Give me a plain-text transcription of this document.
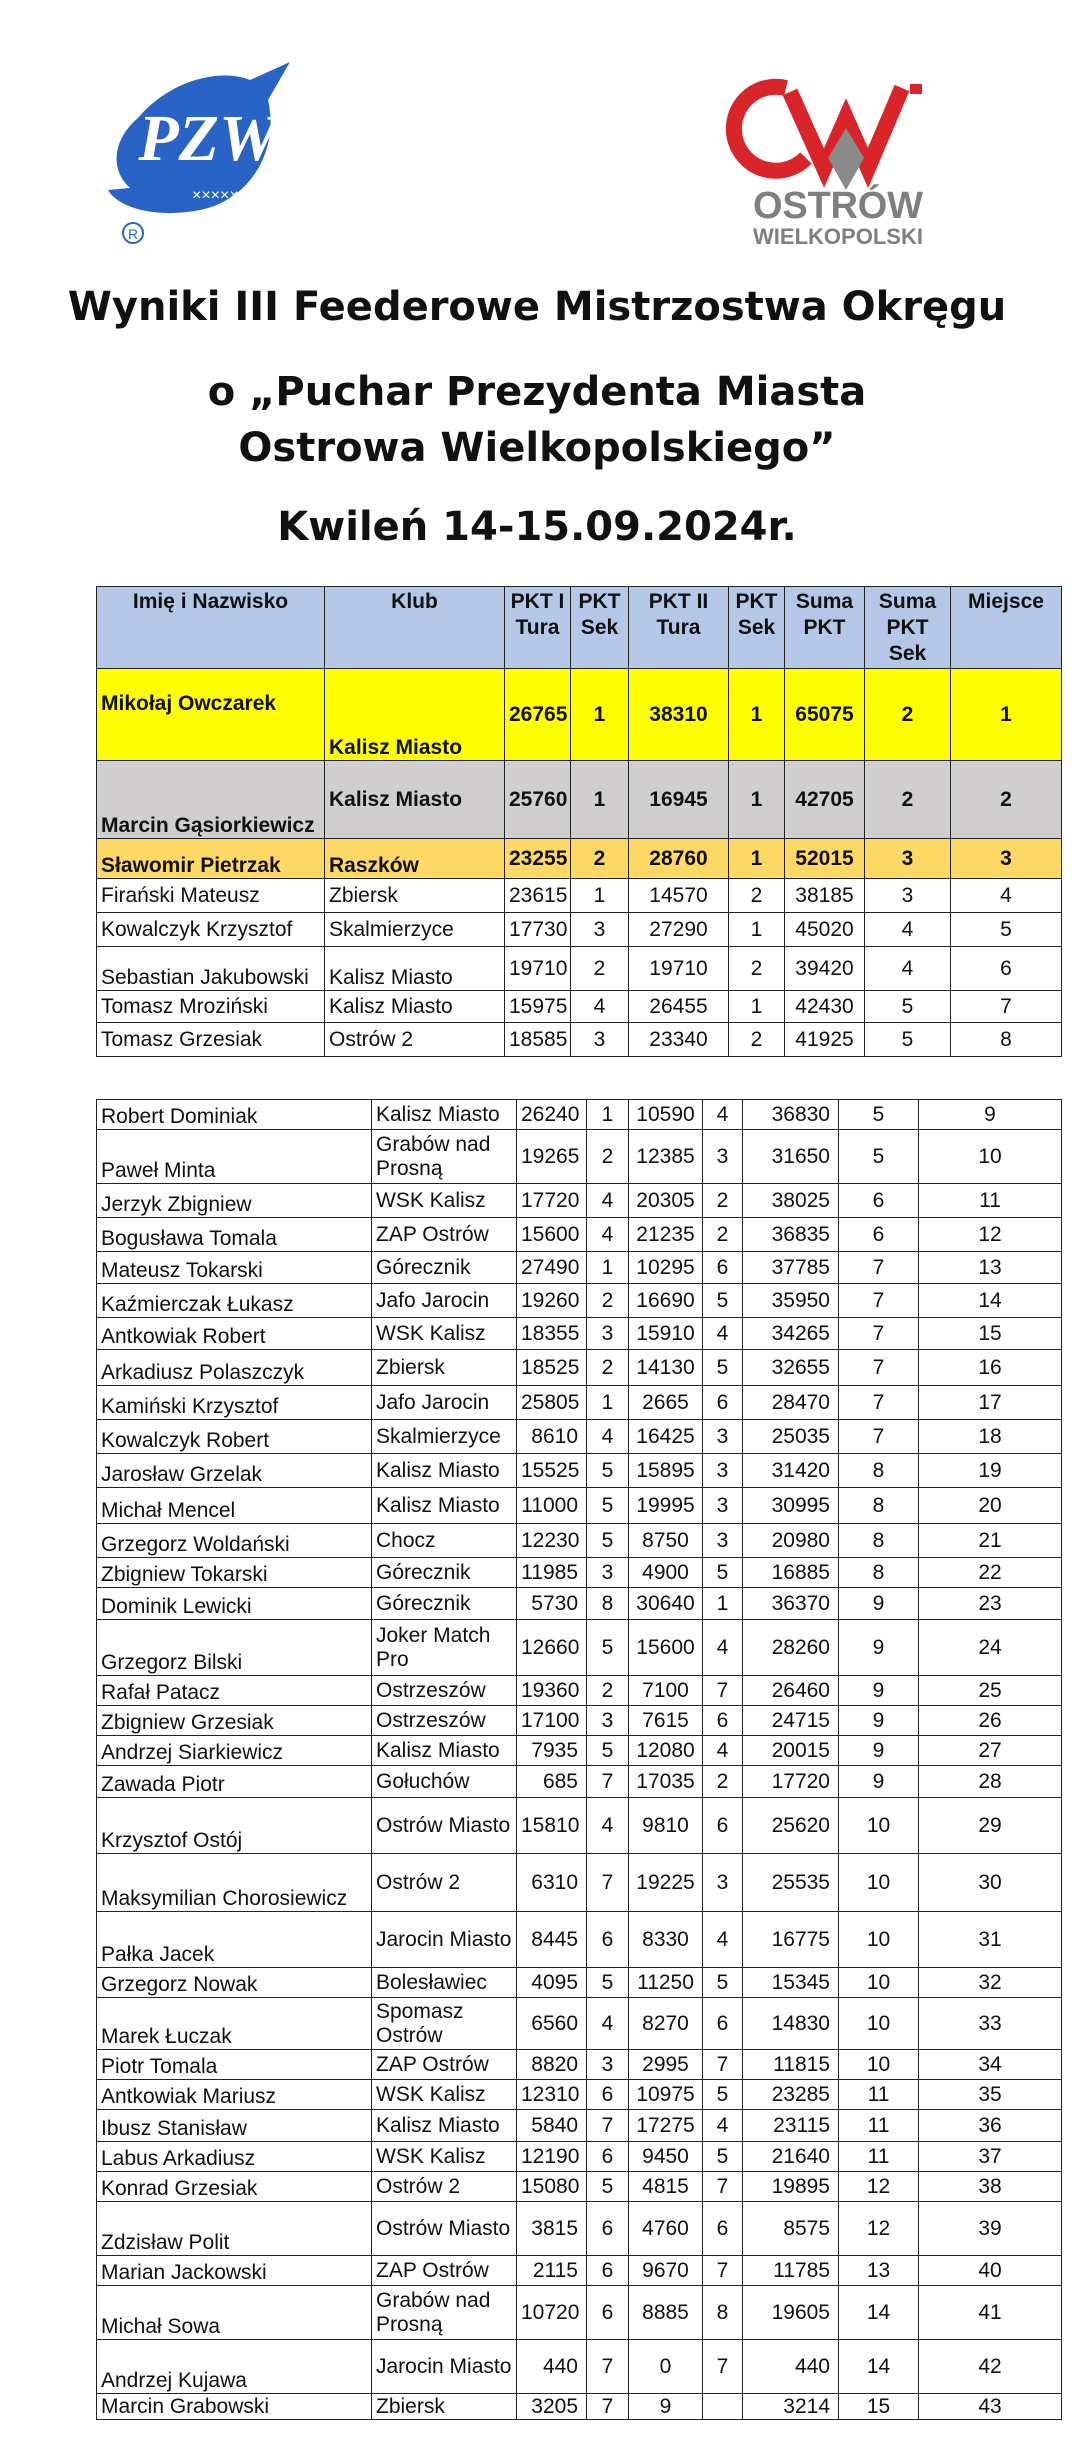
PZW
××××××
R
OSTRÓW
WIELKOPOLSKI
Wyniki III Feederowe Mistrzostwa Okręgu
o „Puchar Prezydenta Miasta Ostrowa Wielkopolskiego”
Kwileń 14-15.09.2024r.
Imię i Nazwisko	Klub	PKT I Tura	PKT Sek	PKT II Tura	PKT Sek	Suma PKT	Suma PKT Sek	Miejsce
Mikołaj Owczarek	Kalisz Miasto	26765	1	38310	1	65075	2	1
Marcin Gąsiorkiewicz	Kalisz Miasto	25760	1	16945	1	42705	2	2
Sławomir Pietrzak	Raszków	23255	2	28760	1	52015	3	3
Firański Mateusz	Zbiersk	23615	1	14570	2	38185	3	4
Kowalczyk Krzysztof	Skalmierzyce	17730	3	27290	1	45020	4	5
Sebastian Jakubowski	Kalisz Miasto	19710	2	19710	2	39420	4	6
Tomasz Mroziński	Kalisz Miasto	15975	4	26455	1	42430	5	7
Tomasz Grzesiak	Ostrów 2	18585	3	23340	2	41925	5	8
Robert Dominiak	Kalisz Miasto	26240	1	10590	4	36830	5	9
Paweł Minta	Grabów nad Prosną	19265	2	12385	3	31650	5	10
Jerzyk Zbigniew	WSK Kalisz	17720	4	20305	2	38025	6	11
Bogusława Tomala	ZAP Ostrów	15600	4	21235	2	36835	6	12
Mateusz Tokarski	Górecznik	27490	1	10295	6	37785	7	13
Kaźmierczak Łukasz	Jafo Jarocin	19260	2	16690	5	35950	7	14
Antkowiak Robert	WSK Kalisz	18355	3	15910	4	34265	7	15
Arkadiusz Polaszczyk	Zbiersk	18525	2	14130	5	32655	7	16
Kamiński Krzysztof	Jafo Jarocin	25805	1	2665	6	28470	7	17
Kowalczyk Robert	Skalmierzyce	8610	4	16425	3	25035	7	18
Jarosław Grzelak	Kalisz Miasto	15525	5	15895	3	31420	8	19
Michał Mencel	Kalisz Miasto	11000	5	19995	3	30995	8	20
Grzegorz Woldański	Chocz	12230	5	8750	3	20980	8	21
Zbigniew Tokarski	Górecznik	11985	3	4900	5	16885	8	22
Dominik Lewicki	Górecznik	5730	8	30640	1	36370	9	23
Grzegorz Bilski	Joker Match Pro	12660	5	15600	4	28260	9	24
Rafał Patacz	Ostrzeszów	19360	2	7100	7	26460	9	25
Zbigniew Grzesiak	Ostrzeszów	17100	3	7615	6	24715	9	26
Andrzej Siarkiewicz	Kalisz Miasto	7935	5	12080	4	20015	9	27
Zawada Piotr	Gołuchów	685	7	17035	2	17720	9	28
Krzysztof Ostój	Ostrów Miasto	15810	4	9810	6	25620	10	29
Maksymilian Chorosiewicz	Ostrów 2	6310	7	19225	3	25535	10	30
Pałka Jacek	Jarocin Miasto	8445	6	8330	4	16775	10	31
Grzegorz Nowak	Bolesławiec	4095	5	11250	5	15345	10	32
Marek Łuczak	Spomasz Ostrów	6560	4	8270	6	14830	10	33
Piotr Tomala	ZAP Ostrów	8820	3	2995	7	11815	10	34
Antkowiak Mariusz	WSK Kalisz	12310	6	10975	5	23285	11	35
Ibusz Stanisław	Kalisz Miasto	5840	7	17275	4	23115	11	36
Labus Arkadiusz	WSK Kalisz	12190	6	9450	5	21640	11	37
Konrad Grzesiak	Ostrów 2	15080	5	4815	7	19895	12	38
Zdzisław Polit	Ostrów Miasto	3815	6	4760	6	8575	12	39
Marian Jackowski	ZAP Ostrów	2115	6	9670	7	11785	13	40
Michał Sowa	Grabów nad Prosną	10720	6	8885	8	19605	14	41
Andrzej Kujawa	Jarocin Miasto	440	7	0	7	440	14	42
Marcin Grabowski	Zbiersk	3205	7	9		3214	15	43
